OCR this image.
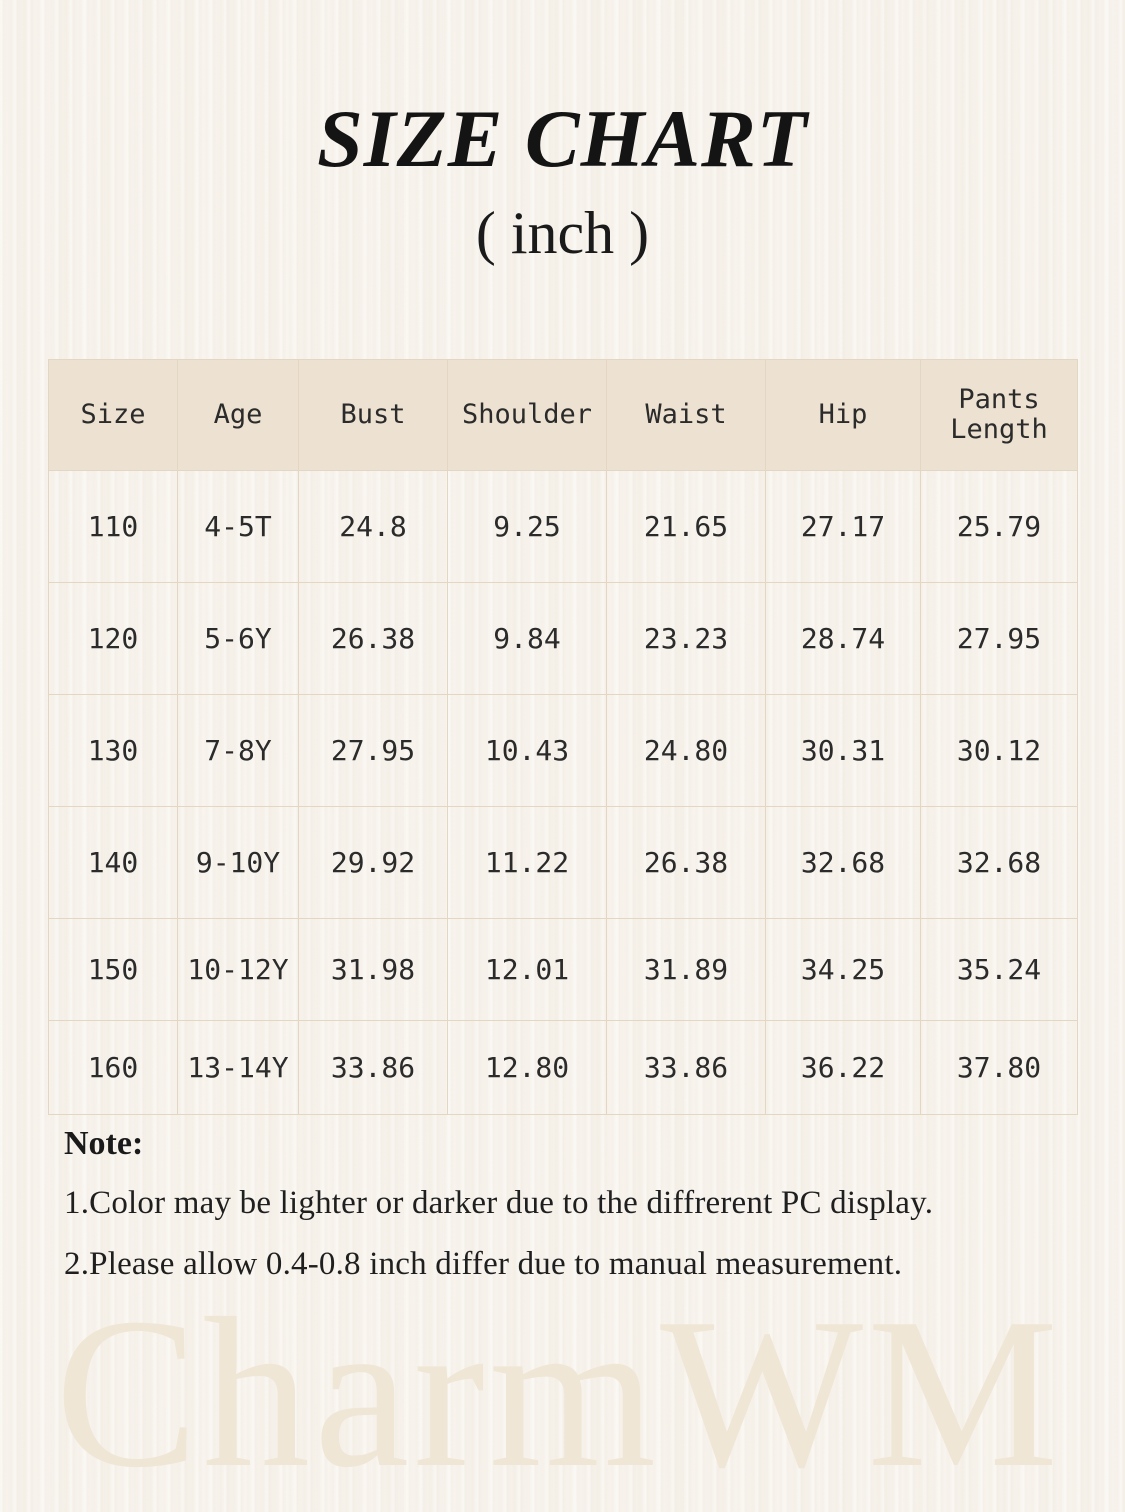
SIZE CHART
( inch )
Size	Age	Bust	Shoulder	Waist	Hip	Pants
Length

110	4-5T	24.8	9.25	21.65	27.17	25.79
120	5-6Y	26.38	9.84	23.23	28.74	27.95
130	7-8Y	27.95	10.43	24.80	30.31	30.12
140	9-10Y	29.92	11.22	26.38	32.68	32.68
150	10-12Y	31.98	12.01	31.89	34.25	35.24
160	13-14Y	33.86	12.80	33.86	36.22	37.80
Note:
1.Color may be lighter or darker due to the diffrerent PC display.
2.Please allow 0.4-0.8 inch differ due to manual measurement.
CharmWM
